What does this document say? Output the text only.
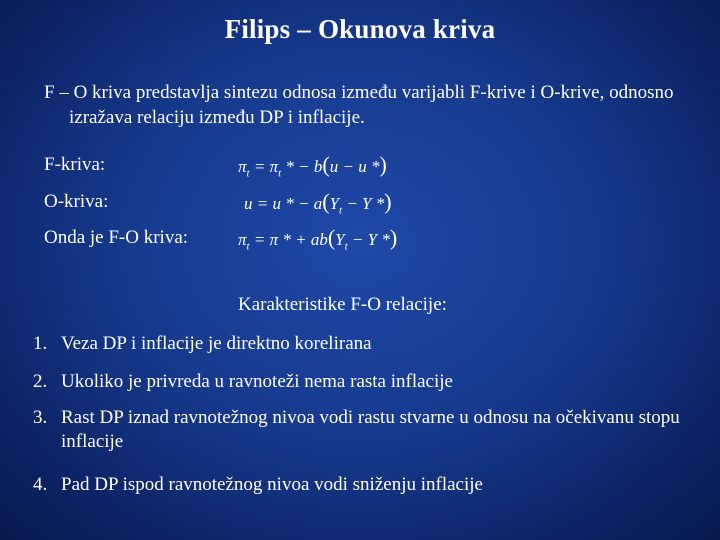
Filips – Okunova kriva
F – O kriva predstavlja sintezu odnosa između varijabli F-krive i O-krive, odnosno izražava relaciju između DP i inflacije.
F-kriva:	$\pi_t = \pi_t$ * − b(u − u *)
O-kriva:	u = u * − $a(Y_t - Y$ *)
Onda je F-O kriva:	$\pi_t = \pi$ * + $ab(Y_t - Y$ *)
Karakteristike F-O relacije:
1. Veza DP i inflacije je direktno korelirana
2. Ukoliko je privreda u ravnoteži nema rasta inflacije
3. Rast DP iznad ravnotežnog nivoa vodi rastu stvarne u odnosu na očekivanu stopu inflacije
4. Pad DP ispod ravnotežnog nivoa vodi sniženju inflacije
